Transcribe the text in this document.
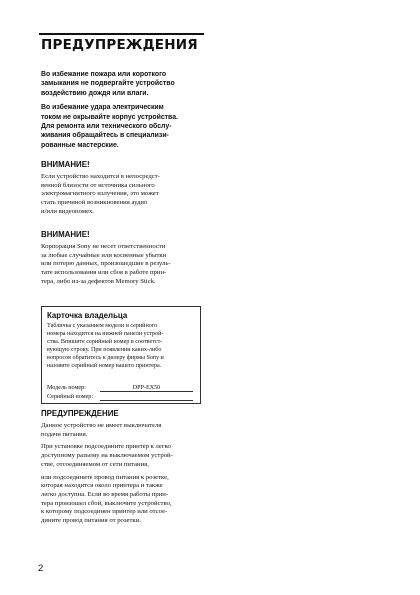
ПРЕДУПРЕЖДЕНИЯ

Во избежание пожара или короткого
замыкания не подвергайте устройство
воздействию дождя или влаги.

Во избежание удара электрическим
током не окрывайте корпус устройства.
Для ремонта или технического обслу-
живания обращайтесь в специализи-
рованные мастерские.

ВНИМАНИЕ!

Если устройство находится в непосредст-
венной близости от источника сильного
электромагнитного излучения, это может
стать причиной возникновения аудио
и/или видеопомех.

ВНИМАНИЕ!

Корпорация Sony не несет ответственности
за любые случайные или косвенные убытки
или потерю данных, произошедшие в резуль-
тате использования или сбоя в работе прин-
тера, либо из-за дефектов Memory Stick.

Карточка владельца

Табличка с указанием модели и серийного
номера находится на нижней панели устрой-
ства. Впишите серийный номер в соответст-
вующую строку. При появлении каких-либо
вопросов обратитесь к дилеру фирмы Sony и
назовите серийный номер вашего принтера.

Модель номер:	DPP-EX50
Серийный номер:
ПРЕДУПРЕЖДЕНИЕ

Данное устройство не имеет выключателя
подачи питания.

При установке подсоедините принтер к легко
доступному разъему на выключаемом устрой-
стве, отсоединяемом от сети питания,

или подсоедините провод питания к розетке,
которая находится около принтера и также
легко доступна. Если во время работы прин-
тера произошел сбой, выключите устройство,
к которому подсоединен принтер или отсое-
дините провод питания от розетки.

2
